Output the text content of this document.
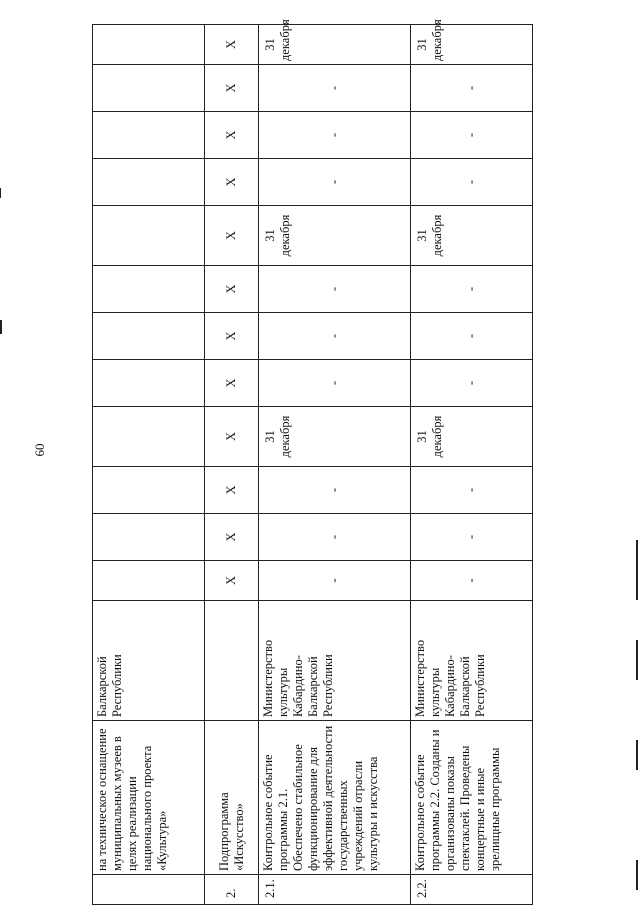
60
	на техническое оснащение муниципальных музеев в целях реализации национального проекта «Культура»	Балкарской Республики												
2.	Подпрограмма «Искусство»		X	X	X	X	X	X	X	X	X	X	X	X
2.1.	Контрольное событие программы 2.1. Обеспечено стабильное функционирование для эффективной деятельности государственных учреждений отрасли культуры и искусства	Министерство культуры Кабардино-Балкарской Республики	-	-	-	31 декабря	-	-	-	31 декабря	-	-	-	31 декабря
2.2.	Контрольное событие программы 2.2. Созданы и организованы показы спектаклей. Проведены концертные и иные зрелищные программы	Министерство культуры Кабардино-Балкарской Республики	-	-	-	31 декабря	-	-	-	31 декабря	-	-	-	31 декабря
